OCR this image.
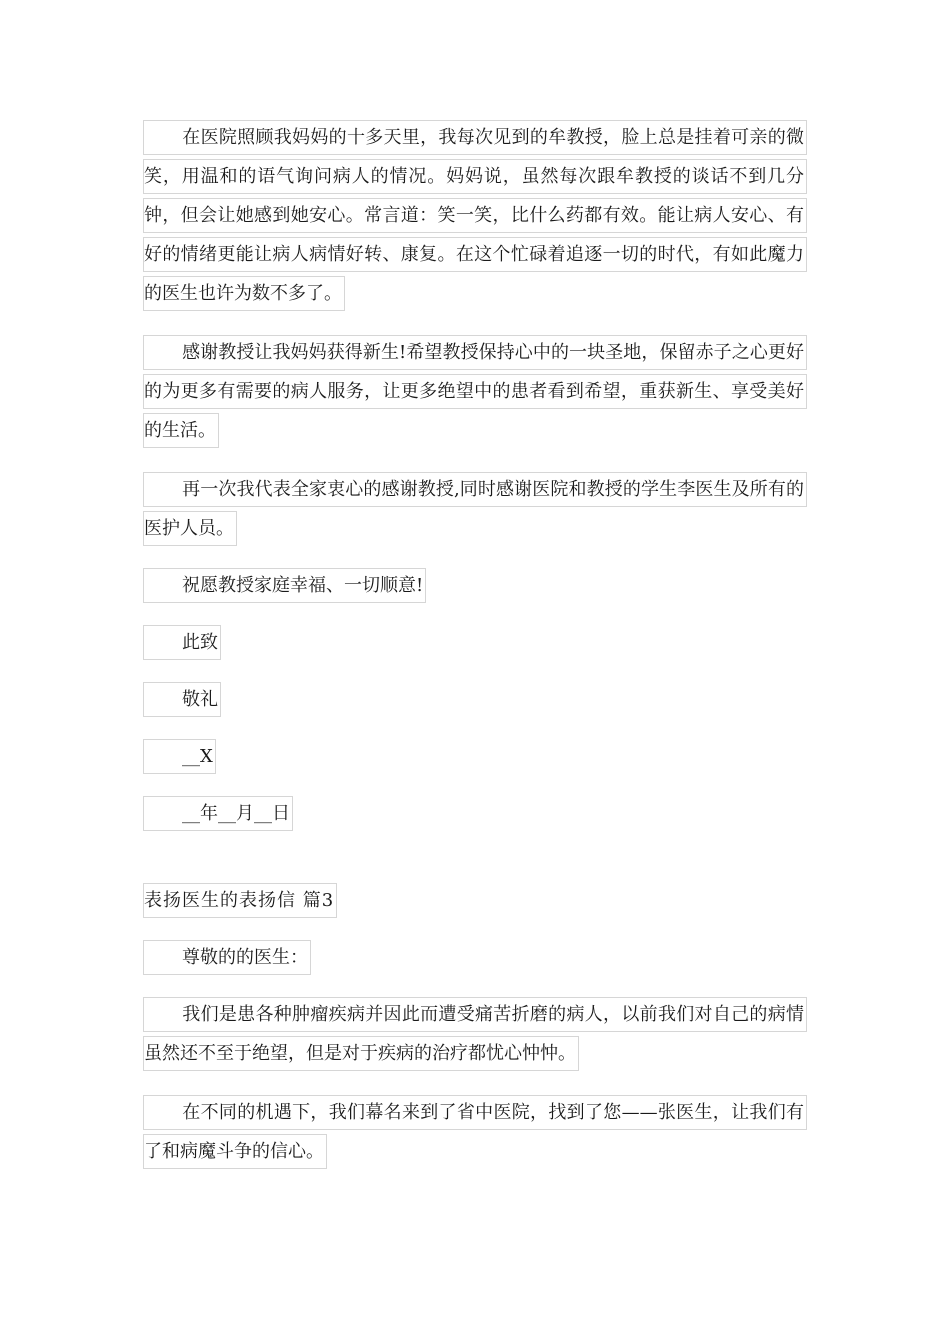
在医院照顾我妈妈的十多天里，我每次见到的牟教授，脸上总是挂着可亲的微笑，用温和的语气询问病人的情况。妈妈说，虽然每次跟牟教授的谈话不到几分钟，但会让她感到她安心。常言道：笑一笑，比什么药都有效。能让病人安心、有好的情绪更能让病人病情好转、康复。在这个忙碌着追逐一切的时代，有如此魔力的医生也许为数不多了。

感谢教授让我妈妈获得新生!希望教授保持心中的一块圣地，保留赤子之心更好的为更多有需要的病人服务，让更多绝望中的患者看到希望，重获新生、享受美好的生活。

再一次我代表全家衷心的感谢教授,同时感谢医院和教授的学生李医生及所有的医护人员。

祝愿教授家庭幸福、一切顺意!

此致

敬礼

__X

__年__月__日

表扬医生的表扬信 篇3

尊敬的的医生：

我们是患各种肿瘤疾病并因此而遭受痛苦折磨的病人，以前我们对自己的病情虽然还不至于绝望，但是对于疾病的治疗都忧心忡忡。

在不同的机遇下，我们幕名来到了省中医院，找到了您——张医生，让我们有了和病魔斗争的信心。
